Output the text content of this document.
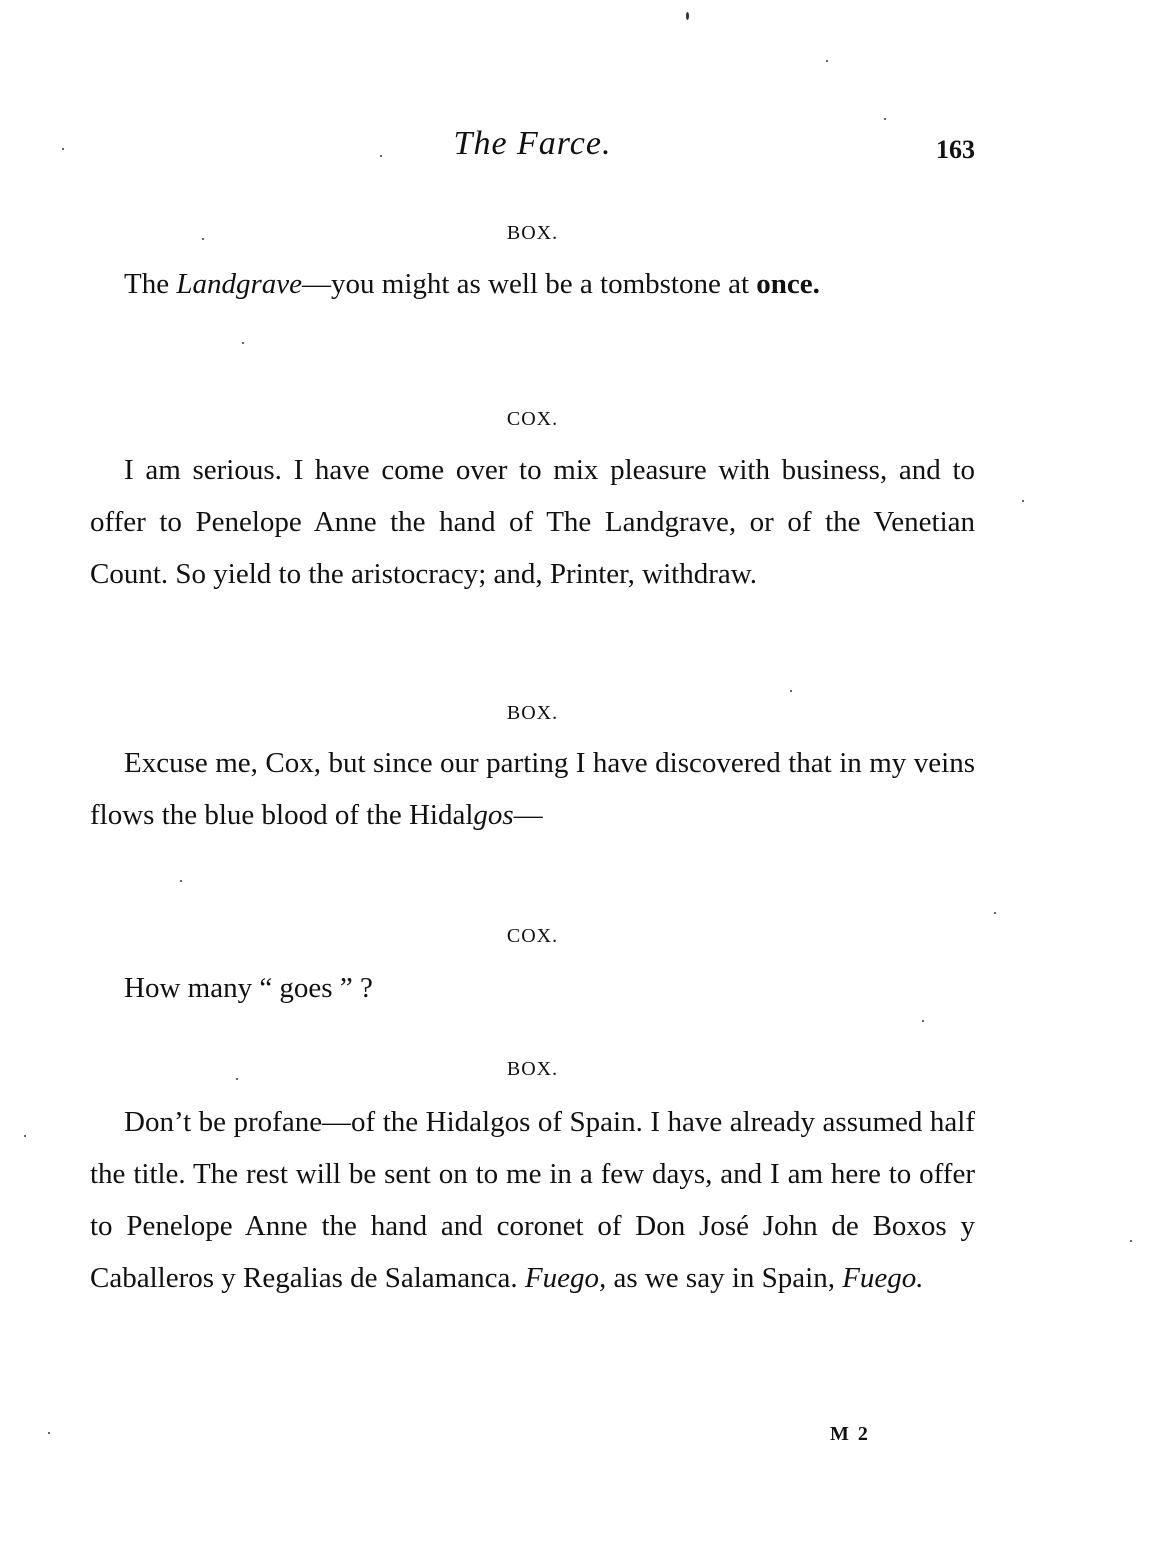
The Farce.	163
BOX.
The Landgrave—you might as well be a tombstone at once.
COX.
I am serious. I have come over to mix pleasure with business, and to offer to Penelope Anne the hand of The Landgrave, or of the Venetian Count. So yield to the aristocracy; and, Printer, withdraw.
BOX.
Excuse me, Cox, but since our parting I have discovered that in my veins flows the blue blood of the Hidalgos—
COX.
How many “ goes ” ?
BOX.
Don’t be profane—of the Hidalgos of Spain. I have already assumed half the title. The rest will be sent on to me in a few days, and I am here to offer to Penelope Anne the hand and coronet of Don José John de Boxos y Caballeros y Regalias de Salamanca. Fuego, as we say in Spain, Fuego.
M 2
